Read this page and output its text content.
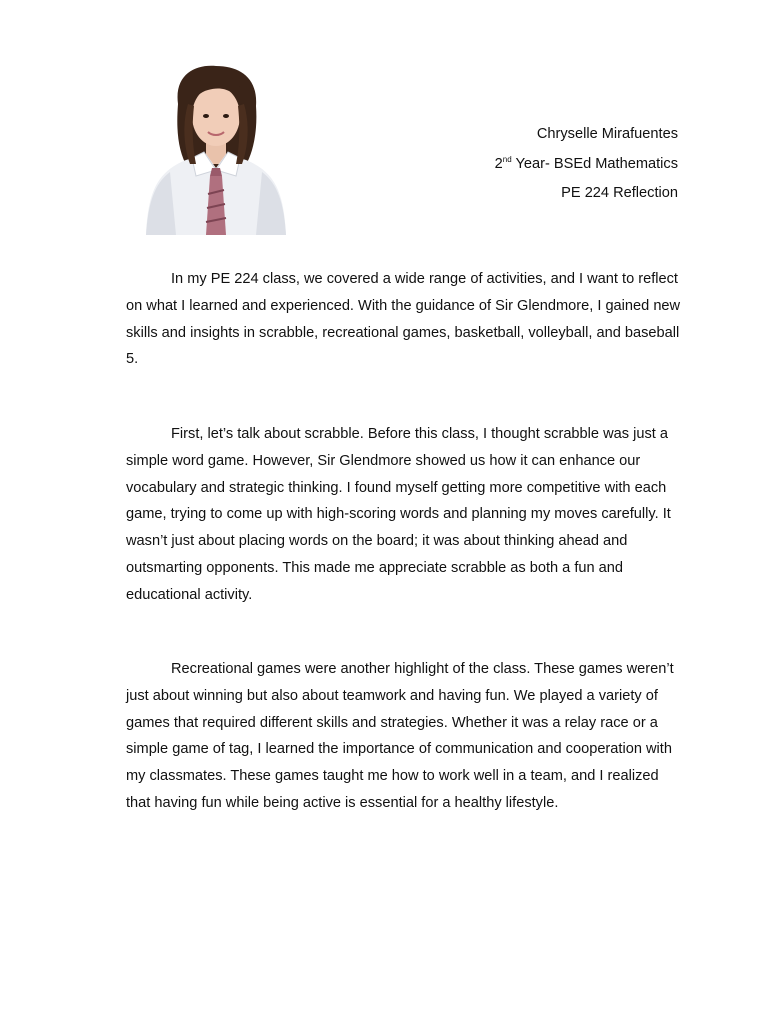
Chryselle Mirafuentes
2nd Year- BSEd Mathematics
PE 224 Reflection

In my PE 224 class, we covered a wide range of activities, and I want to reflect on what I learned and experienced. With the guidance of Sir Glendmore, I gained new skills and insights in scrabble, recreational games, basketball, volleyball, and baseball 5.

First, let’s talk about scrabble. Before this class, I thought scrabble was just a simple word game. However, Sir Glendmore showed us how it can enhance our vocabulary and strategic thinking. I found myself getting more competitive with each game, trying to come up with high-scoring words and planning my moves carefully. It wasn’t just about placing words on the board; it was about thinking ahead and outsmarting opponents. This made me appreciate scrabble as both a fun and educational activity.

Recreational games were another highlight of the class. These games weren’t just about winning but also about teamwork and having fun. We played a variety of games that required different skills and strategies. Whether it was a relay race or a simple game of tag, I learned the importance of communication and cooperation with my classmates. These games taught me how to work well in a team, and I realized that having fun while being active is essential for a healthy lifestyle.
